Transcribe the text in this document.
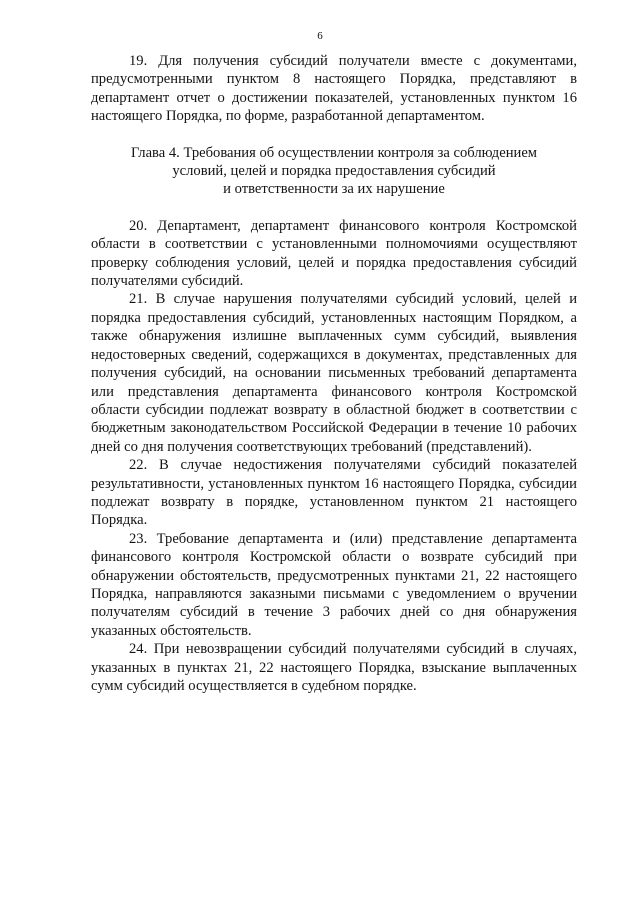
6

19. Для получения субсидий получатели вместе с документами, предусмотренными пунктом 8 настоящего Порядка, представляют в департамент отчет о достижении показателей, установленных пунктом 16 настоящего Порядка, по форме, разработанной департаментом.

Глава 4. Требования об осуществлении контроля за соблюдением
условий, целей и порядка предоставления субсидий
и ответственности за их нарушение

20. Департамент, департамент финансового контроля Костромской области в соответствии с установленными полномочиями осуществляют проверку соблюдения условий, целей и порядка предоставления субсидий получателями субсидий.

21. В случае нарушения получателями субсидий условий, целей и порядка предоставления субсидий, установленных настоящим Порядком, а также обнаружения излишне выплаченных сумм субсидий, выявления недостоверных сведений, содержащихся в документах, представленных для получения субсидий, на основании письменных требований департамента или представления департамента финансового контроля Костромской области субсидии подлежат возврату в областной бюджет в соответствии с бюджетным законодательством Российской Федерации в течение 10 рабочих дней со дня получения соответствующих требований (представлений).

22. В случае недостижения получателями субсидий показателей результативности, установленных пунктом 16 настоящего Порядка, субсидии подлежат возврату в порядке, установленном пунктом 21 настоящего Порядка.

23. Требование департамента и (или) представление департамента финансового контроля Костромской области о возврате субсидий при обнаружении обстоятельств, предусмотренных пунктами 21, 22 настоящего Порядка, направляются заказными письмами с уведомлением о вручении получателям субсидий в течение 3 рабочих дней со дня обнаружения указанных обстоятельств.

24. При невозвращении субсидий получателями субсидий в случаях, указанных в пунктах 21, 22 настоящего Порядка, взыскание выплаченных сумм субсидий осуществляется в судебном порядке.
